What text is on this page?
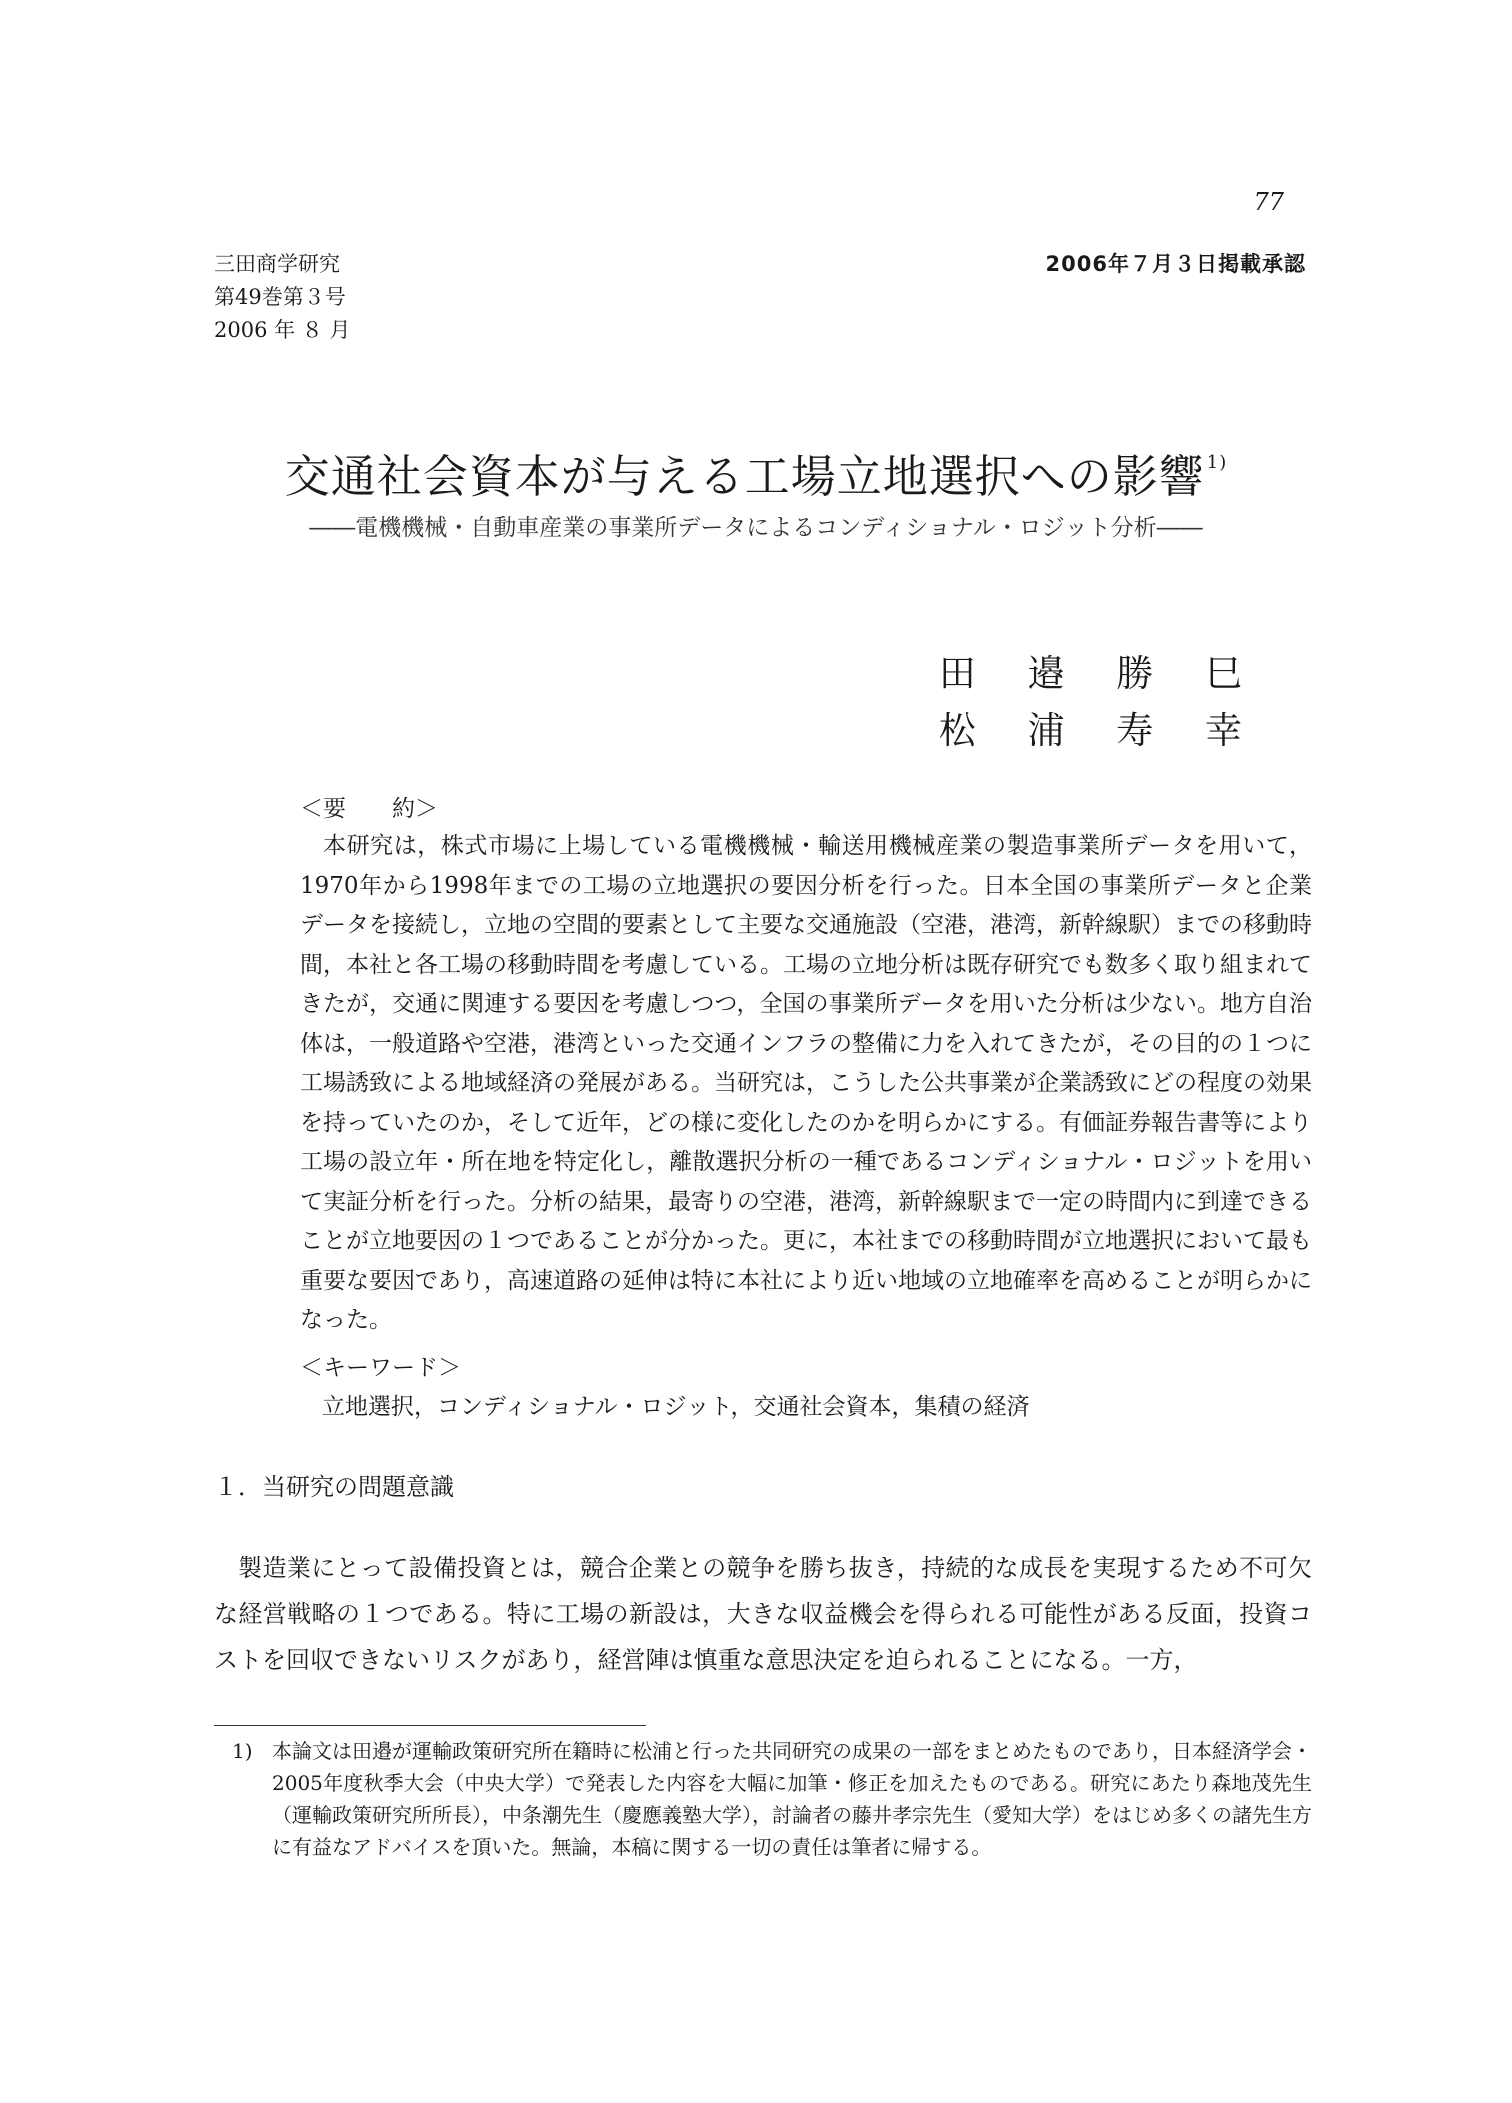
77
三田商学研究
第49巻第３号
2006 年 ８ 月
2006年７月３日掲載承認
交通社会資本が与える工場立地選択への影響 $^{1)}$
――電機機械・自動車産業の事業所データによるコンディショナル・ロジット分析――
田 邉 勝 巳
松 浦 寿 幸
＜要　　約＞
本研究は，株式市場に上場している電機機械・輸送用機械産業の製造事業所データを用いて，1970年から1998年までの工場の立地選択の要因分析を行った。日本全国の事業所データと企業データを接続し，立地の空間的要素として主要な交通施設（空港，港湾，新幹線駅）までの移動時間，本社と各工場の移動時間を考慮している。工場の立地分析は既存研究でも数多く取り組まれてきたが，交通に関連する要因を考慮しつつ，全国の事業所データを用いた分析は少ない。地方自治体は，一般道路や空港，港湾といった交通インフラの整備に力を入れてきたが，その目的の１つに工場誘致による地域経済の発展がある。当研究は，こうした公共事業が企業誘致にどの程度の効果を持っていたのか，そして近年，どの様に変化したのかを明らかにする。有価証券報告書等により工場の設立年・所在地を特定化し，離散選択分析の一種であるコンディショナル・ロジットを用いて実証分析を行った。分析の結果，最寄りの空港，港湾，新幹線駅まで一定の時間内に到達できることが立地要因の１つであることが分かった。更に，本社までの移動時間が立地選択において最も重要な要因であり，高速道路の延伸は特に本社により近い地域の立地確率を高めることが明らかになった。
＜キーワード＞
立地選択，コンディショナル・ロジット，交通社会資本，集積の経済
１．当研究の問題意識
製造業にとって設備投資とは，競合企業との競争を勝ち抜き，持続的な成長を実現するため不可欠な経営戦略の１つである。特に工場の新設は，大きな収益機会を得られる可能性がある反面，投資コストを回収できないリスクがあり，経営陣は慎重な意思決定を迫られることになる。一方，
1) 本論文は田邉が運輸政策研究所在籍時に松浦と行った共同研究の成果の一部をまとめたものであり，日本経済学会・2005年度秋季大会（中央大学）で発表した内容を大幅に加筆・修正を加えたものである。研究にあたり森地茂先生（運輸政策研究所所長），中条潮先生（慶應義塾大学），討論者の藤井孝宗先生（愛知大学）をはじめ多くの諸先生方に有益なアドバイスを頂いた。無論，本稿に関する一切の責任は筆者に帰する。
